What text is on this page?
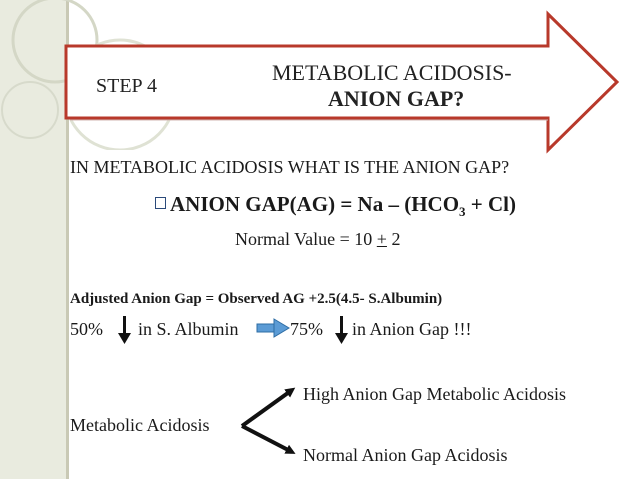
STEP 4
METABOLIC ACIDOSIS-
ANION GAP?
IN METABOLIC ACIDOSIS WHAT IS THE ANION GAP?
ANION $GAP(AG) = Na - (HCO_3 + Cl)$
Normal Value = 10 + 2
Adjusted Anion Gap = Observed AG +2.5(4.5- S.Albumin)
50% in S. Albumin	75% in Anion Gap !!!
High Anion Gap Metabolic Acidosis
Metabolic Acidosis
Normal Anion Gap Acidosis
